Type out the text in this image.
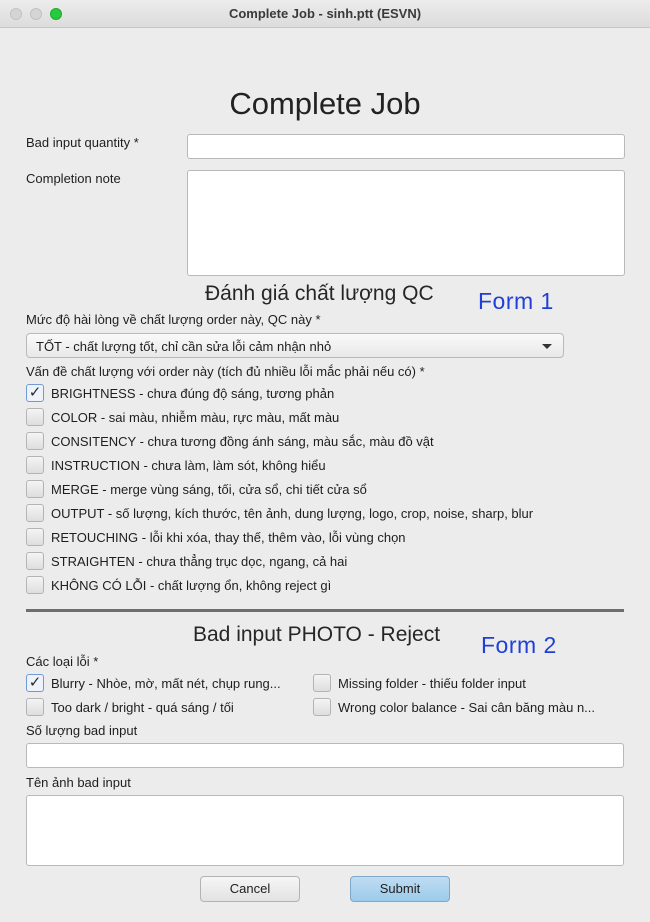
Complete Job - sinh.ptt (ESVN)
Complete Job
Bad input quantity *
Completion note
Đánh giá chất lượng QC Form 1
Mức độ hài lòng về chất lượng order này, QC này *
TỐT - chất lượng tốt, chỉ cần sửa lỗi cảm nhận nhỏ
Vấn đề chất lượng với order này (tích đủ nhiều lỗi mắc phải nếu có) *
✓ BRIGHTNESS - chưa đúng độ sáng, tương phản
COLOR - sai màu, nhiễm màu, rực màu, mất màu
CONSITENCY - chưa tương đồng ánh sáng, màu sắc, màu đồ vật
INSTRUCTION - chưa làm, làm sót, không hiểu
MERGE - merge vùng sáng, tối, cửa sổ, chi tiết cửa sổ
OUTPUT - số lượng, kích thước, tên ảnh, dung lượng, logo, crop, noise, sharp, blur
RETOUCHING - lỗi khi xóa, thay thế, thêm vào, lỗi vùng chọn
STRAIGHTEN - chưa thẳng trục dọc, ngang, cả hai
KHÔNG CÓ LỖI - chất lượng ổn, không reject gì
Bad input PHOTO - Reject Form 2
Các loại lỗi *
✓ Blurry - Nhòe, mờ, mất nét, chụp rung...	Missing folder - thiếu folder input
Too dark / bright - quá sáng / tối	Wrong color balance - Sai cân băng màu n...
Số lượng bad input
Tên ảnh bad input
Cancel	Submit
